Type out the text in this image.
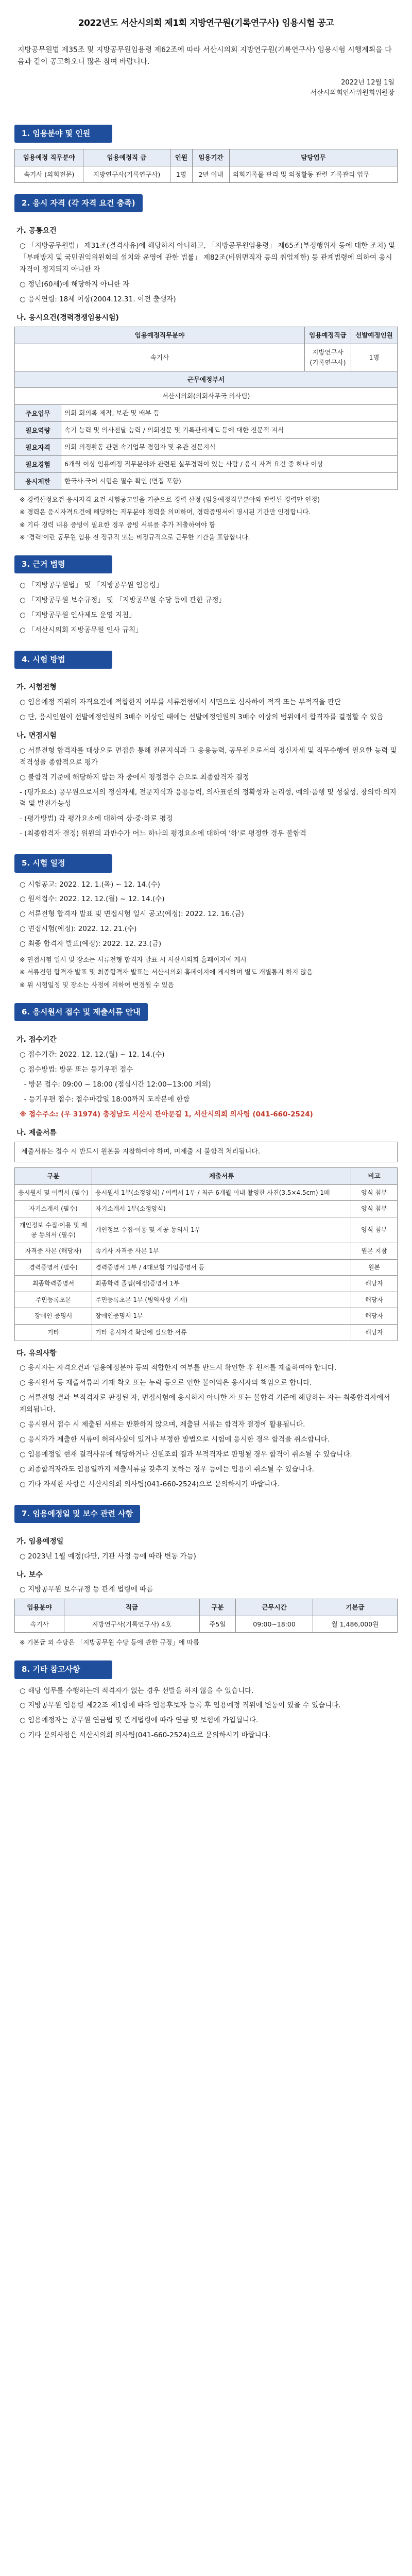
2022년도 서산시의회 제1회 지방연구원(기록연구사) 임용시험 공고
지방공무원법 제35조 및 지방공무원임용령 제62조에 따라 서산시의회 지방연구원(기록연구사) 임용시험 시행계획을 다음과 같이 공고하오니 많은 참여 바랍니다.
2022년 12월 1일
서산시의회인사위원회위원장
1. 임용분야 및 인원
임용예정 직무분야	임용예정직 급	인원	임용기간	담당업무
속기사 (의회전문)	지방연구사(기록연구사)	1명	2년 이내	의회기록물 관리 및 의정활동 관련 기록관리 업무
2. 응시 자격 (각 자격 요건 충족)
가. 공통요건

○ 「지방공무원법」 제31조(결격사유)에 해당하지 아니하고, 「지방공무원임용령」 제65조(부정행위자 등에 대한 조치) 및 「부패방지 및 국민권익위원회의 설치와 운영에 관한 법률」 제82조(비위면직자 등의 취업제한) 등 관계법령에 의하여 응시 자격이 정지되지 아니한 자

○ 정년(60세)에 해당하지 아니한 자

○ 응시연령: 18세 이상(2004.12.31. 이전 출생자)

나. 응시요건(경력경쟁임용시험)
임용예정직무분야		임용예정직급	선발예정인원
속기사		지방연구사(기록연구사)	1명
근무예정부서			
서산시의회(의회사무국 의사팀)			
주요업무	의회 회의록 제작, 보관 및 배부 등		
필요역량	속기 능력 및 의사전달 능력 / 의회전문 및 기록관리제도 등에 대한 전문적 지식		
필요자격	의회 의정활동 관련 속기업무 경험자 및 유관 전문지식		
필요경험	6개월 이상 임용예정 직무분야와 관련된 실무경력이 있는 사람 / 응시 자격 요건 중 하나 이상		
응시제한	한국사·국어 시험은 필수 확인 (면접 포함)		

※ 경력산정요건 응시자격 요건 시험공고일을 기준으로 경력 산정 (임용예정직무분야와 관련된 경력만 인정)

※ 경력은 응시자격요건에 해당하는 직무분야 경력을 의미하며, 경력증명서에 명시된 기간만 인정합니다.

※ 기타 경력 내용 증빙이 필요한 경우 증빙 서류를 추가 제출하여야 함

※ '경력'이란 공무원 임용 전 정규직 또는 비정규직으로 근무한 기간을 포함합니다.

3. 근거 법령

○ 「지방공무원법」 및 「지방공무원 임용령」

○ 「지방공무원 보수규정」 및 「지방공무원 수당 등에 관한 규정」

○ 「지방공무원 인사제도 운영 지침」

○ 「서산시의회 지방공무원 인사 규칙」

4. 시험 방법
가. 시험전형

○ 임용예정 직위의 자격요건에 적합한지 여부를 서류전형에서 서면으로 심사하여 적격 또는 부적격을 판단

○ 단, 응시인원이 선발예정인원의 3배수 이상인 때에는 선발예정인원의 3배수 이상의 범위에서 합격자를 결정할 수 있음

나. 면접시험

○ 서류전형 합격자를 대상으로 면접을 통해 전문지식과 그 응용능력, 공무원으로서의 정신자세 및 직무수행에 필요한 능력 및 적격성을 종합적으로 평가

○ 불합격 기준에 해당하지 않는 자 중에서 평정점수 순으로 최종합격자 결정

- (평가요소) 공무원으로서의 정신자세, 전문지식과 응용능력, 의사표현의 정확성과 논리성, 예의·품행 및 성실성, 창의력·의지력 및 발전가능성

- (평가방법) 각 평가요소에 대하여 상·중·하로 평정

- (최종합격자 결정) 위원의 과반수가 어느 하나의 평정요소에 대하여 '하'로 평정한 경우 불합격

5. 시험 일정

○ 시험공고: 2022. 12. 1.(목) ~ 12. 14.(수)

○ 원서접수: 2022. 12. 12.(월) ~ 12. 14.(수)

○ 서류전형 합격자 발표 및 면접시험 일시 공고(예정): 2022. 12. 16.(금)

○ 면접시험(예정): 2022. 12. 21.(수)

○ 최종 합격자 발표(예정): 2022. 12. 23.(금)

※ 면접시험 일시 및 장소는 서류전형 합격자 발표 시 서산시의회 홈페이지에 게시

※ 서류전형 합격자 발표 및 최종합격자 발표는 서산시의회 홈페이지에 게시하며 별도 개별통지 하지 않음

※ 위 시험일정 및 장소는 사정에 의하여 변경될 수 있음

6. 응시원서 접수 및 제출서류 안내
가. 접수기간

○ 접수기간: 2022. 12. 12.(월) ~ 12. 14.(수)

○ 접수방법: 방문 또는 등기우편 접수

- 방문 접수: 09:00 ~ 18:00 (점심시간 12:00~13:00 제외)

- 등기우편 접수: 접수마감일 18:00까지 도착분에 한함

※ 접수주소: (우 31974) 충청남도 서산시 관아문길 1, 서산시의회 의사팀 (041-660-2524)

나. 제출서류
제출서류는 접수 시 반드시 원본을 지참하여야 하며, 미제출 시 불합격 처리됩니다.
구분	제출서류	비고
응시원서 및 이력서 (필수)	응시원서 1부(소정양식) / 이력서 1부 / 최근 6개월 이내 촬영한 사진(3.5×4.5cm) 1매	양식 첨부
자기소개서 (필수)	자기소개서 1부(소정양식)	양식 첨부
개인정보 수집·이용 및 제공 동의서 (필수)	개인정보 수집·이용 및 제공 동의서 1부	양식 첨부
자격증 사본 (해당자)	속기사 자격증 사본 1부	원본 지참
경력증명서 (필수)	경력증명서 1부 / 4대보험 가입증명서 등	원본
최종학력증명서	최종학력 졸업(예정)증명서 1부	해당자
주민등록초본	주민등록초본 1부 (병역사항 기재)	해당자
장애인 증명서	장애인증명서 1부	해당자
기타	기타 응시자격 확인에 필요한 서류	해당자
다. 유의사항

○ 응시자는 자격요건과 임용예정분야 등의 적합한지 여부를 반드시 확인한 후 원서를 제출하여야 합니다.

○ 응시원서 등 제출서류의 기재 착오 또는 누락 등으로 인한 불이익은 응시자의 책임으로 합니다.

○ 서류전형 결과 부적격자로 판정된 자, 면접시험에 응시하지 아니한 자 또는 불합격 기준에 해당하는 자는 최종합격자에서 제외됩니다.

○ 응시원서 접수 시 제출된 서류는 반환하지 않으며, 제출된 서류는 합격자 결정에 활용됩니다.

○ 응시자가 제출한 서류에 허위사실이 있거나 부정한 방법으로 시험에 응시한 경우 합격을 취소합니다.

○ 임용예정일 현재 결격사유에 해당하거나 신원조회 결과 부적격자로 판명될 경우 합격이 취소될 수 있습니다.

○ 최종합격자라도 임용일까지 제출서류를 갖추지 못하는 경우 등에는 임용이 취소될 수 있습니다.

○ 기타 자세한 사항은 서산시의회 의사팀(041-660-2524)으로 문의하시기 바랍니다.

7. 임용예정일 및 보수 관련 사항
가. 임용예정일

○ 2023년 1월 예정(다만, 기관 사정 등에 따라 변동 가능)

나. 보수

○ 지방공무원 보수규정 등 관계 법령에 따름

임용분야	직급	구분	근무시간	기본급
속기사	지방연구사(기록연구사) 4호	주5일	09:00~18:00	월 1,486,000원

※ 기본급 외 수당은 「지방공무원 수당 등에 관한 규정」에 따름

8. 기타 참고사항

○ 해당 업무를 수행하는데 적격자가 없는 경우 선발을 하지 않을 수 있습니다.

○ 지방공무원 임용령 제22조 제1항에 따라 임용후보자 등록 후 임용예정 직위에 변동이 있을 수 있습니다.

○ 임용예정자는 공무원 연금법 및 관계법령에 따라 연금 및 보험에 가입됩니다.

○ 기타 문의사항은 서산시의회 의사팀(041-660-2524)으로 문의하시기 바랍니다.
